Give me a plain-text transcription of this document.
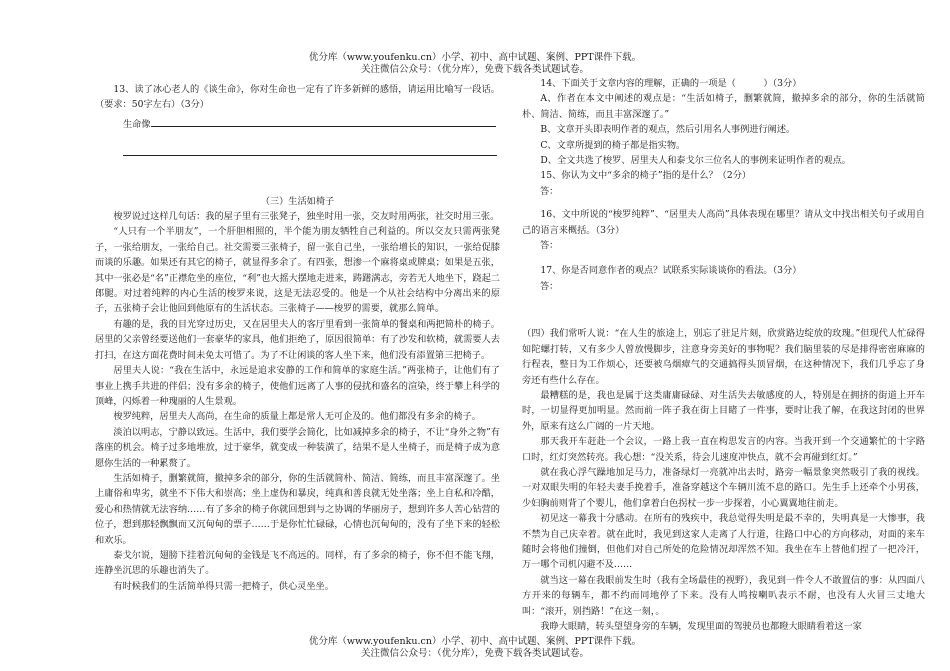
优分库（www.youfenku.cn）小学、初中、高中试题、案例、PPT课件下载。
关注微信公众号：（优分库），免费下载各类试题试卷。

13、读了冰心老人的《谈生命》，你对生命也一定有了许多新鲜的感悟，请运用比喻写一段话。（要求：50字左右）（3分）

生命像

（三）生活如椅子

梭罗说过这样几句话：我的屋子里有三张凳子，独坐时用一张，交友时用两张，社交时用三张。

“人只有一个半朋友”，一个肝胆相照的，半个能为朋友牺牲自己利益的。所以交友只需两张凳子，一张给朋友，一张给自己。社交需要三张椅子，留一张自己坐，一张给增长的知识，一张给促膝而谈的乐趣。如果还有其它的椅子，就显得多余了。有四张，想渗一个麻将桌或牌桌；如果是五张，其中一张必是“名”正襟危坐的座位，“利”也大摇大摆地走进来，踌躇满志，旁若无人地坐下，跷起二郎腿。对过着纯粹的内心生活的梭罗来说，这是无法忍受的。他是一个从社会结构中分离出来的原子，五张椅子会让他回到他原有的生活状态。三张椅子——梭罗的需要，就那么简单。

有趣的是，我的目光穿过历史，又在居里夫人的客厅里看到一张简单的餐桌和两把简朴的椅子。居里的父亲曾经要送他们一套豪华的家具，他们拒绝了，原因很简单：有了沙发和软椅，就需要人去打扫，在这方面花费时间未免太可惜了。为了不让闲谈的客人坐下来，他们没有添置第三把椅子。

居里夫人说：“我在生活中，永远是追求安静的工作和简单的家庭生活。”两张椅子，让他们有了事业上携手共进的伴侣；没有多余的椅子，使他们远离了人事的侵扰和盛名的渲染，终于攀上科学的顶峰，闪烁着一种瑰丽的人生景观。

梭罗纯粹，居里夫人高尚，在生命的质量上都是常人无可企及的。他们都没有多余的椅子。

淡泊以明志，宁静以致远。生活中，我们要学会简化，比如减掉多余的椅子，不让“身外之物”有落座的机会。椅子过多地堆放，过于豪华，就变成一种装潢了，结果不是人坐椅子，而是椅子成为意愿你生活的一种累赘了。

生活如椅子，删繁就简，撤掉多余的部分，你的生活就简朴、简洁、简练，而且丰富深邃了。坐上庸俗和卑劣，就坐不下伟大和崇高；坐上虚伪和暴戾，纯真和善良就无处坐落；坐上自私和冷酷，爱心和热情就无法容纳……有了多余的椅子你就回想到与之协调的华丽房子，想到许多人苦心钻营的位子，想到那轻飘飘而又沉甸甸的票子……于是你忙忙碌碌，心情也沉甸甸的，没有了坐下来的轻松和欢乐。

泰戈尔说，翅膀下挂着沉甸甸的金钱是飞不高远的。同样，有了多余的椅子，你不但不能飞翔，连静坐沉思的乐趣也消失了。

有时候我们的生活简单得只需一把椅子，供心灵坐坐。

14、下面关于文章内容的理解，正确的一项是（　　　）（3分）

A、作者在本文中阐述的观点是：“生活如椅子，删繁就简，撤掉多余的部分，你的生活就简朴、简洁、简练，而且丰富深邃了。”

B、文章开头即表明作者的观点，然后引用名人事例进行阐述。

C、文章所提到的椅子都是指实物。

D、全文共选了梭罗、居里夫人和泰戈尔三位名人的事例来证明作者的观点。

15、你认为文中“多余的椅子”指的是什么？（2分）

答：

16、文中所说的“梭罗纯粹”、“居里夫人高尚”具体表现在哪里？请从文中找出相关句子或用自己的语言来概括。（3分）

答：

17、你是否同意作者的观点？试联系实际谈谈你的看法。（3分）

答：

（四）我们常听人说：“在人生的旅途上，别忘了驻足片刻，欣赏路边绽放的玫瑰。”但现代人忙碌得如陀螺打转，又有多少人曾放慢脚步，注意身旁美好的事物呢？我们脑里装的尽是排得密密麻麻的行程表，整日为工作烦心，还要被乌烟瘴气的交通搞得头顶冒烟，在这种情况下，我们几乎忘了身旁还有些什么存在。

最糟糕的是，我也是属于这类庸庸碌碌、对生活失去敏感度的人，特别是在拥挤的街道上开车时，一切显得更加明显。然而前一阵子我在街上目睹了一件事，要时让我了解，在我这封闭的世界外，原来有这么广阔的一片天地。

那天我开车赶赴一个会议，一路上我一直在构思发言的内容。当我开到一个交通繁忙的十字路口时，红灯突然转亮。我心想：“没关系，待会儿速度冲快点，就不会再碰到红灯。”

就在我心浮气躁地加足马力，准备绿灯一亮就冲出去时，路旁一幅景象突然吸引了我的视线。一对双眼失明的年轻夫妻手挽着手，准备穿越这个车辆川流不息的路口。先生手上还牵个小男孩，少妇胸前则背了个婴儿，他们拿着白色拐杖一步一步探着，小心翼翼地往前走。

初见这一幕我十分感动。在所有的残疾中，我总觉得失明是最不幸的，失明真是一大惨事，我不禁为自己庆幸着。就在此时，我见到这家人走离了人行道，往路口中心的方向移动，对面的来车随时会将他们撞倒，但他们对自己所处的危险情况却浑然不知。我坐在车上替他们捏了一把冷汗，万一哪个司机闪避不及……

就当这一幕在我眼前发生时（我有全场最佳的视野），我见到一件令人不敢置信的事：从四面八方开来的每辆车，都不约而同地停了下来。没有人鸣按喇叭表示不耐，也没有人火冒三丈地大叫：“滚开，别挡路！”在这一刻，。

我睁大眼睛，转头望望身旁的车辆，发现里面的驾驶员也都瞪大眼睛看着这一家

优分库（www.youfenku.cn）小学、初中、高中试题、案例、PPT课件下载。
关注微信公众号：（优分库），免费下载各类试题试卷。
